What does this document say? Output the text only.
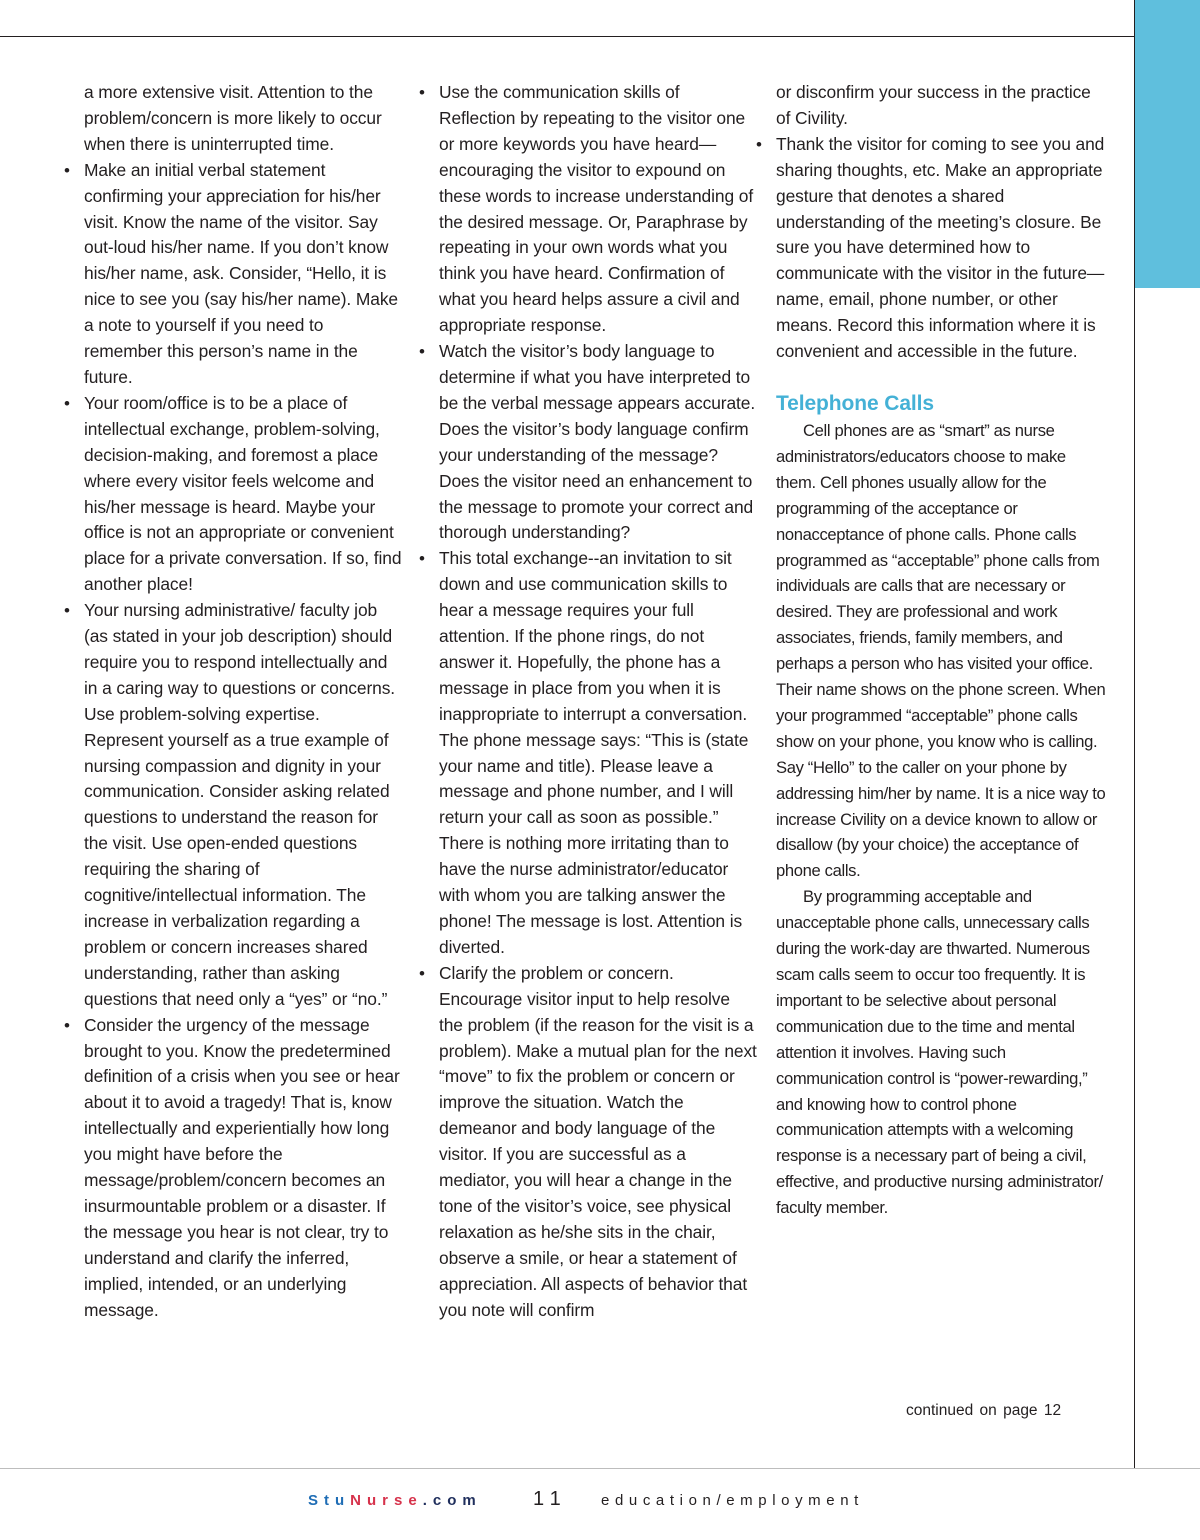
a more extensive visit. Attention to the problem/concern is more likely to occur when there is uninterrupted time.

• Make an initial verbal statement confirming your appreciation for his/her visit. Know the name of the visitor. Say out-loud his/her name. If you don’t know his/her name, ask. Consider, “Hello, it is nice to see you (say his/her name). Make a note to yourself if you need to remember this person’s name in the future.
• Your room/office is to be a place of intellectual exchange, problem-solving, decision-making, and foremost a place where every visitor feels welcome and his/her message is heard. Maybe your office is not an appropriate or convenient place for a private conversation. If so, find another place!
• Your nursing administrative/ faculty job (as stated in your job description) should require you to respond intellectually and in a caring way to questions or concerns. Use problem-solving expertise. Represent yourself as a true example of nursing compassion and dignity in your communication. Consider asking related questions to understand the reason for the visit. Use open-ended questions requiring the sharing of cognitive/intellectual information. The increase in verbalization regarding a problem or concern increases shared understanding, rather than asking questions that need only a “yes” or “no.”
• Consider the urgency of the message brought to you. Know the predetermined definition of a crisis when you see or hear about it to avoid a tragedy! That is, know intellectually and experientially how long you might have before the message/problem/concern becomes an insurmountable problem or a disaster. If the message you hear is not clear, try to understand and clarify the inferred, implied, intended, or an underlying message.
• Use the communication skills of Reflection by repeating to the visitor one or more keywords you have heard—encouraging the visitor to expound on these words to increase understanding of the desired message. Or, Paraphrase by repeating in your own words what you think you have heard. Confirmation of what you heard helps assure a civil and appropriate response.
• Watch the visitor’s body language to determine if what you have interpreted to be the verbal message appears accurate. Does the visitor’s body language confirm your understanding of the message? Does the visitor need an enhancement to the message to promote your correct and thorough understanding?
• This total exchange--an invitation to sit down and use communication skills to hear a message requires your full attention. If the phone rings, do not answer it. Hopefully, the phone has a message in place from you when it is inappropriate to interrupt a conversation. The phone message says: “This is (state your name and title). Please leave a message and phone number, and I will return your call as soon as possible.” There is nothing more irritating than to have the nurse administrator/educator with whom you are talking answer the phone! The message is lost. Attention is diverted.
• Clarify the problem or concern. Encourage visitor input to help resolve the problem (if the reason for the visit is a problem). Make a mutual plan for the next “move” to fix the problem or concern or improve the situation. Watch the demeanor and body language of the visitor. If you are successful as a mediator, you will hear a change in the tone of the visitor’s voice, see physical relaxation as he/she sits in the chair, observe a smile, or hear a statement of appreciation. All aspects of behavior that you note will confirm

or disconfirm your success in the practice of Civility.

• Thank the visitor for coming to see you and sharing thoughts, etc. Make an appropriate gesture that denotes a shared understanding of the meeting’s closure. Be sure you have determined how to communicate with the visitor in the future—name, email, phone number, or other means. Record this information where it is convenient and accessible in the future.
Telephone Calls

Cell phones are as “smart” as nurse administrators/educators choose to make them. Cell phones usually allow for the programming of the acceptance or nonacceptance of phone calls. Phone calls programmed as “acceptable” phone calls from individuals are calls that are necessary or desired. They are professional and work associates, friends, family members, and perhaps a person who has visited your office. Their name shows on the phone screen. When your programmed “acceptable” phone calls show on your phone, you know who is calling. Say “Hello” to the caller on your phone by addressing him/her by name. It is a nice way to increase Civility on a device known to allow or disallow (by your choice) the acceptance of phone calls.

By programming acceptable and unacceptable phone calls, unnecessary calls during the work-day are thwarted. Numerous scam calls seem to occur too frequently. It is important to be selective about personal communication due to the time and mental attention it involves. Having such communication control is “power-rewarding,” and knowing how to control phone communication attempts with a welcoming response is a necessary part of being a civil, effective, and productive nursing administrator/ faculty member.

continued on page 12
StuNurse.com	11 education/employment
